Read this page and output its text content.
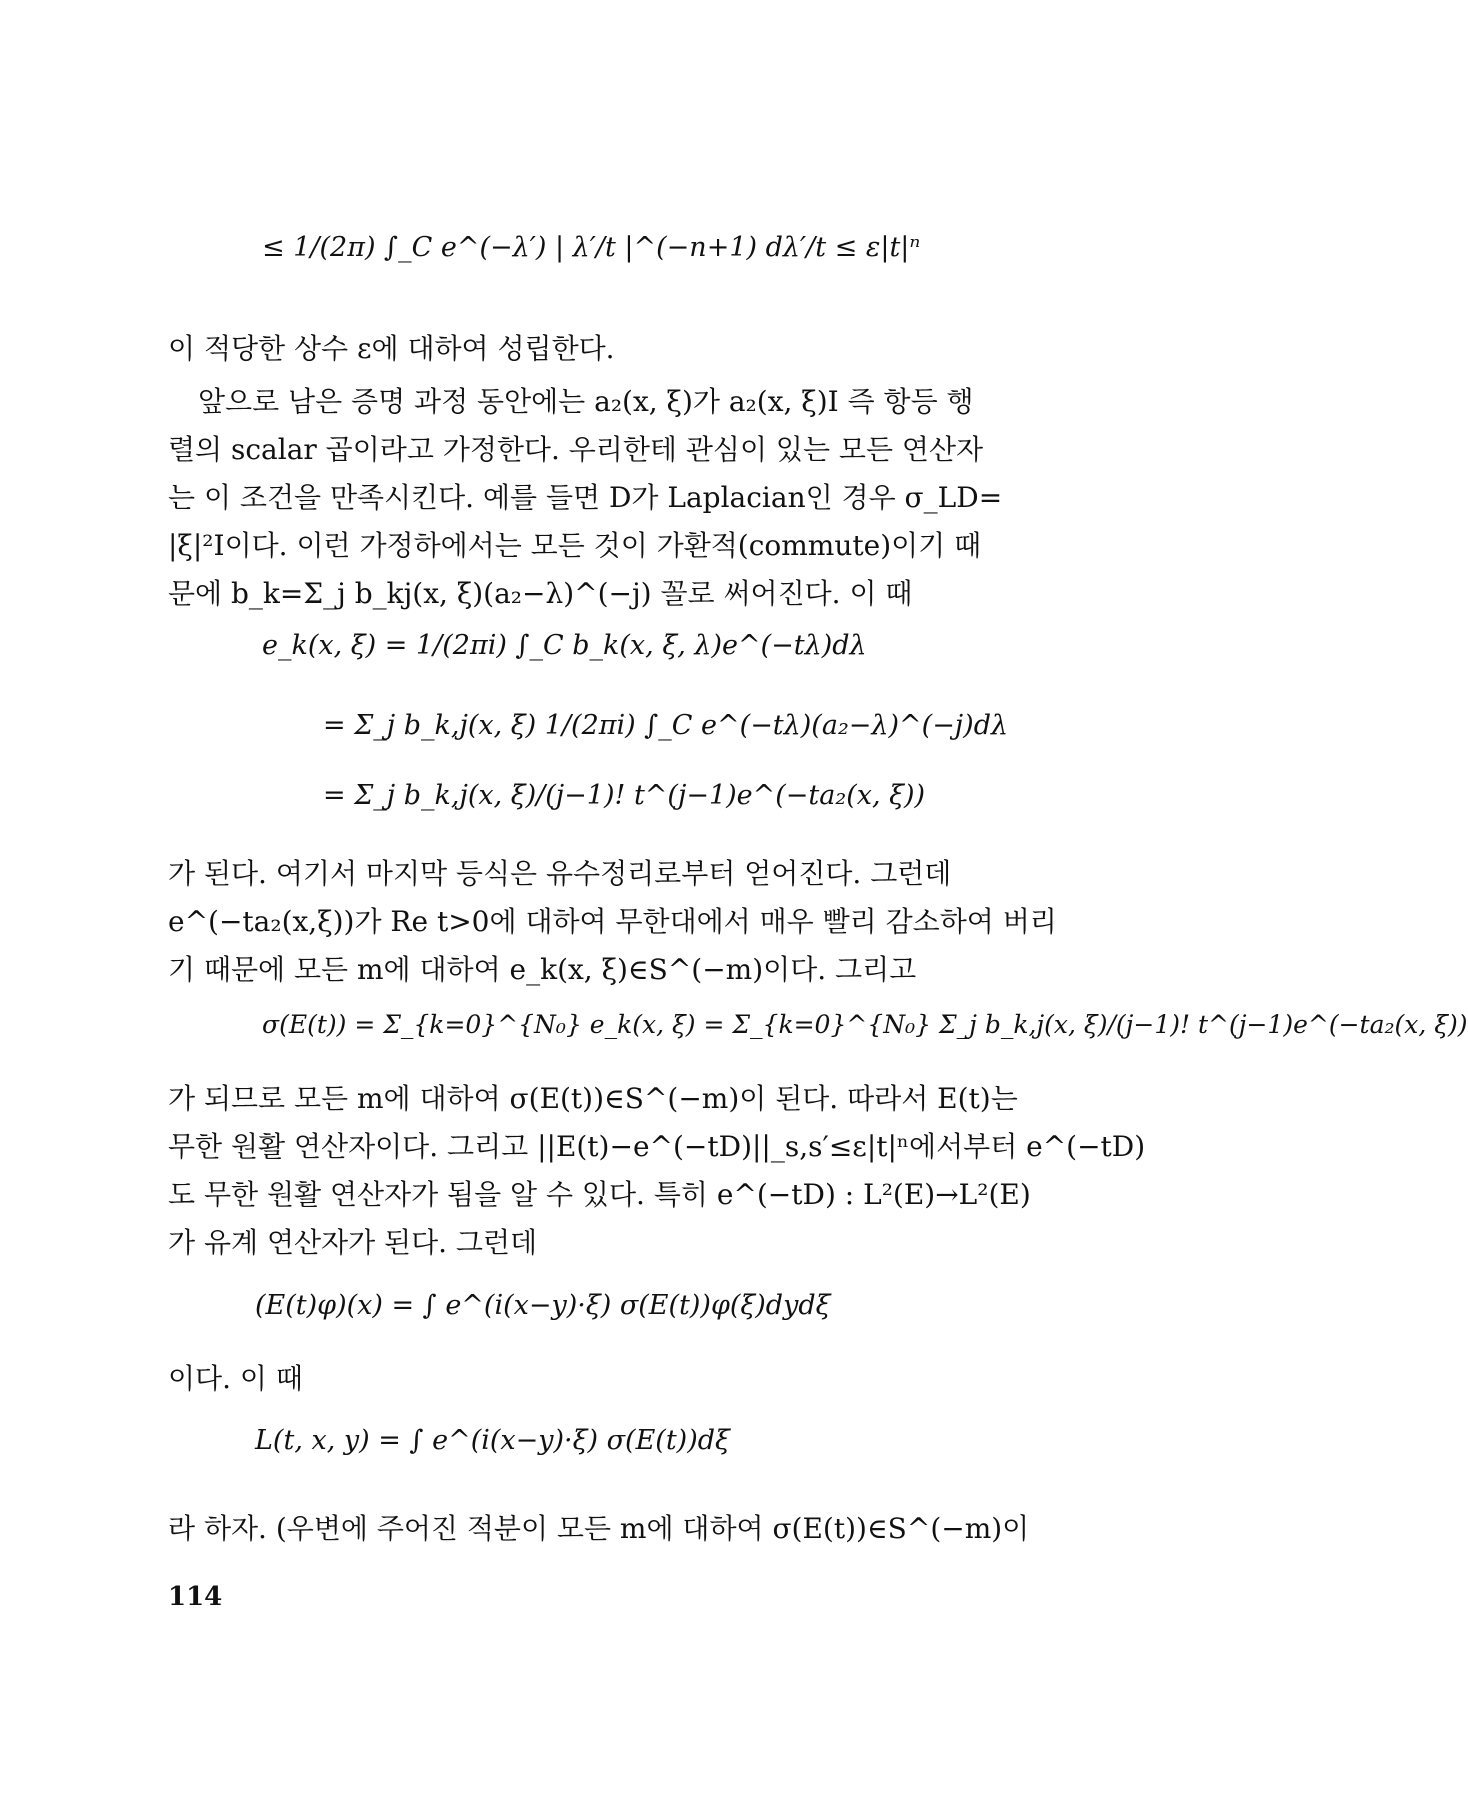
≤ 1/(2π) ∫_C e^(−λ′) | λ′/t |^(−n+1) dλ′/t ≤ ε|t|ⁿ

이 적당한 상수 ε에 대하여 성립한다.

앞으로 남은 증명 과정 동안에는 a₂(x, ξ)가 a₂(x, ξ)I 즉 항등 행
렬의 scalar 곱이라고 가정한다. 우리한테 관심이 있는 모든 연산자
는 이 조건을 만족시킨다. 예를 들면 D가 Laplacian인 경우 σ_LD=
|ξ|²I이다. 이런 가정하에서는 모든 것이 가환적(commute)이기 때
문에 b_k=Σ_j b_kj(x, ξ)(a₂−λ)^(−j) 꼴로 써어진다. 이 때

e_k(x, ξ) = 1/(2πi) ∫_C b_k(x, ξ, λ)e^(−tλ)dλ
= Σ_j b_k,j(x, ξ) 1/(2πi) ∫_C e^(−tλ)(a₂−λ)^(−j)dλ
= Σ_j b_k,j(x, ξ)/(j−1)! t^(j−1)e^(−ta₂(x, ξ))

가 된다. 여기서 마지막 등식은 유수정리로부터 얻어진다. 그런데
e^(−ta₂(x,ξ))가 Re t>0에 대하여 무한대에서 매우 빨리 감소하여 버리
기 때문에 모든 m에 대하여 e_k(x, ξ)∈S^(−m)이다. 그리고

σ(E(t)) = Σ_{k=0}^{N₀} e_k(x, ξ) = Σ_{k=0}^{N₀} Σ_j b_k,j(x, ξ)/(j−1)! t^(j−1)e^(−ta₂(x, ξ))

가 되므로 모든 m에 대하여 σ(E(t))∈S^(−m)이 된다. 따라서 E(t)는
무한 원활 연산자이다. 그리고 ||E(t)−e^(−tD)||_s,s′≤ε|t|ⁿ에서부터 e^(−tD)
도 무한 원활 연산자가 됨을 알 수 있다. 특히 e^(−tD) : L²(E)→L²(E)
가 유계 연산자가 된다. 그런데

(E(t)φ)(x) = ∫ e^(i(x−y)·ξ) σ(E(t))φ(ξ)dydξ

이다. 이 때

L(t, x, y) = ∫ e^(i(x−y)·ξ) σ(E(t))dξ

라 하자. (우변에 주어진 적분이 모든 m에 대하여 σ(E(t))∈S^(−m)이

114
